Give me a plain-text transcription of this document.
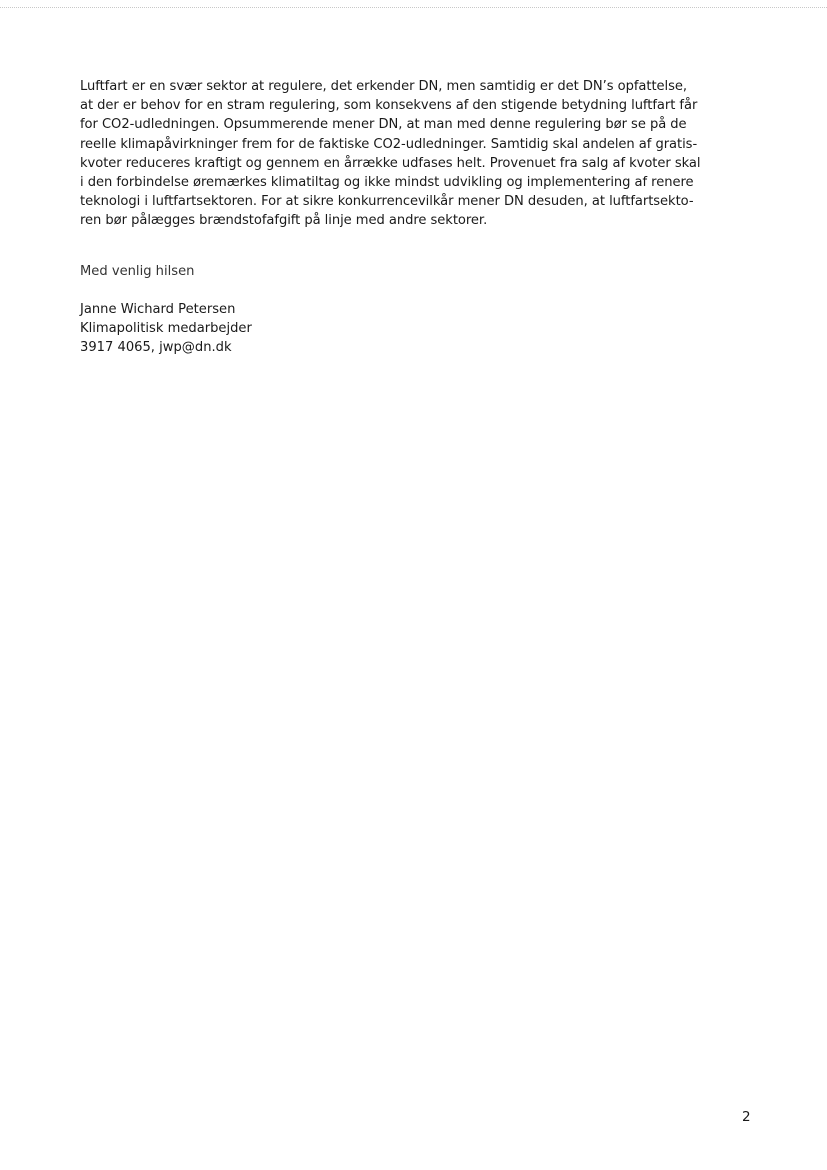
Luftfart er en svær sektor at regulere, det erkender DN, men samtidig er det DN’s opfattelse,
at der er behov for en stram regulering, som konsekvens af den stigende betydning luftfart får
for CO2-udledningen. Opsummerende mener DN, at man med denne regulering bør se på de
reelle klimapåvirkninger frem for de faktiske CO2-udledninger. Samtidig skal andelen af gratis-
kvoter reduceres kraftigt og gennem en årrække udfases helt. Provenuet fra salg af kvoter skal
i den forbindelse øremærkes klimatiltag og ikke mindst udvikling og implementering af renere
teknologi i luftfartsektoren. For at sikre konkurrencevilkår mener DN desuden, at luftfartsekto-
ren bør pålægges brændstofafgift på linje med andre sektorer.

Med venlig hilsen

Janne Wichard Petersen
Klimapolitisk medarbejder
3917 4065, jwp@dn.dk
2
